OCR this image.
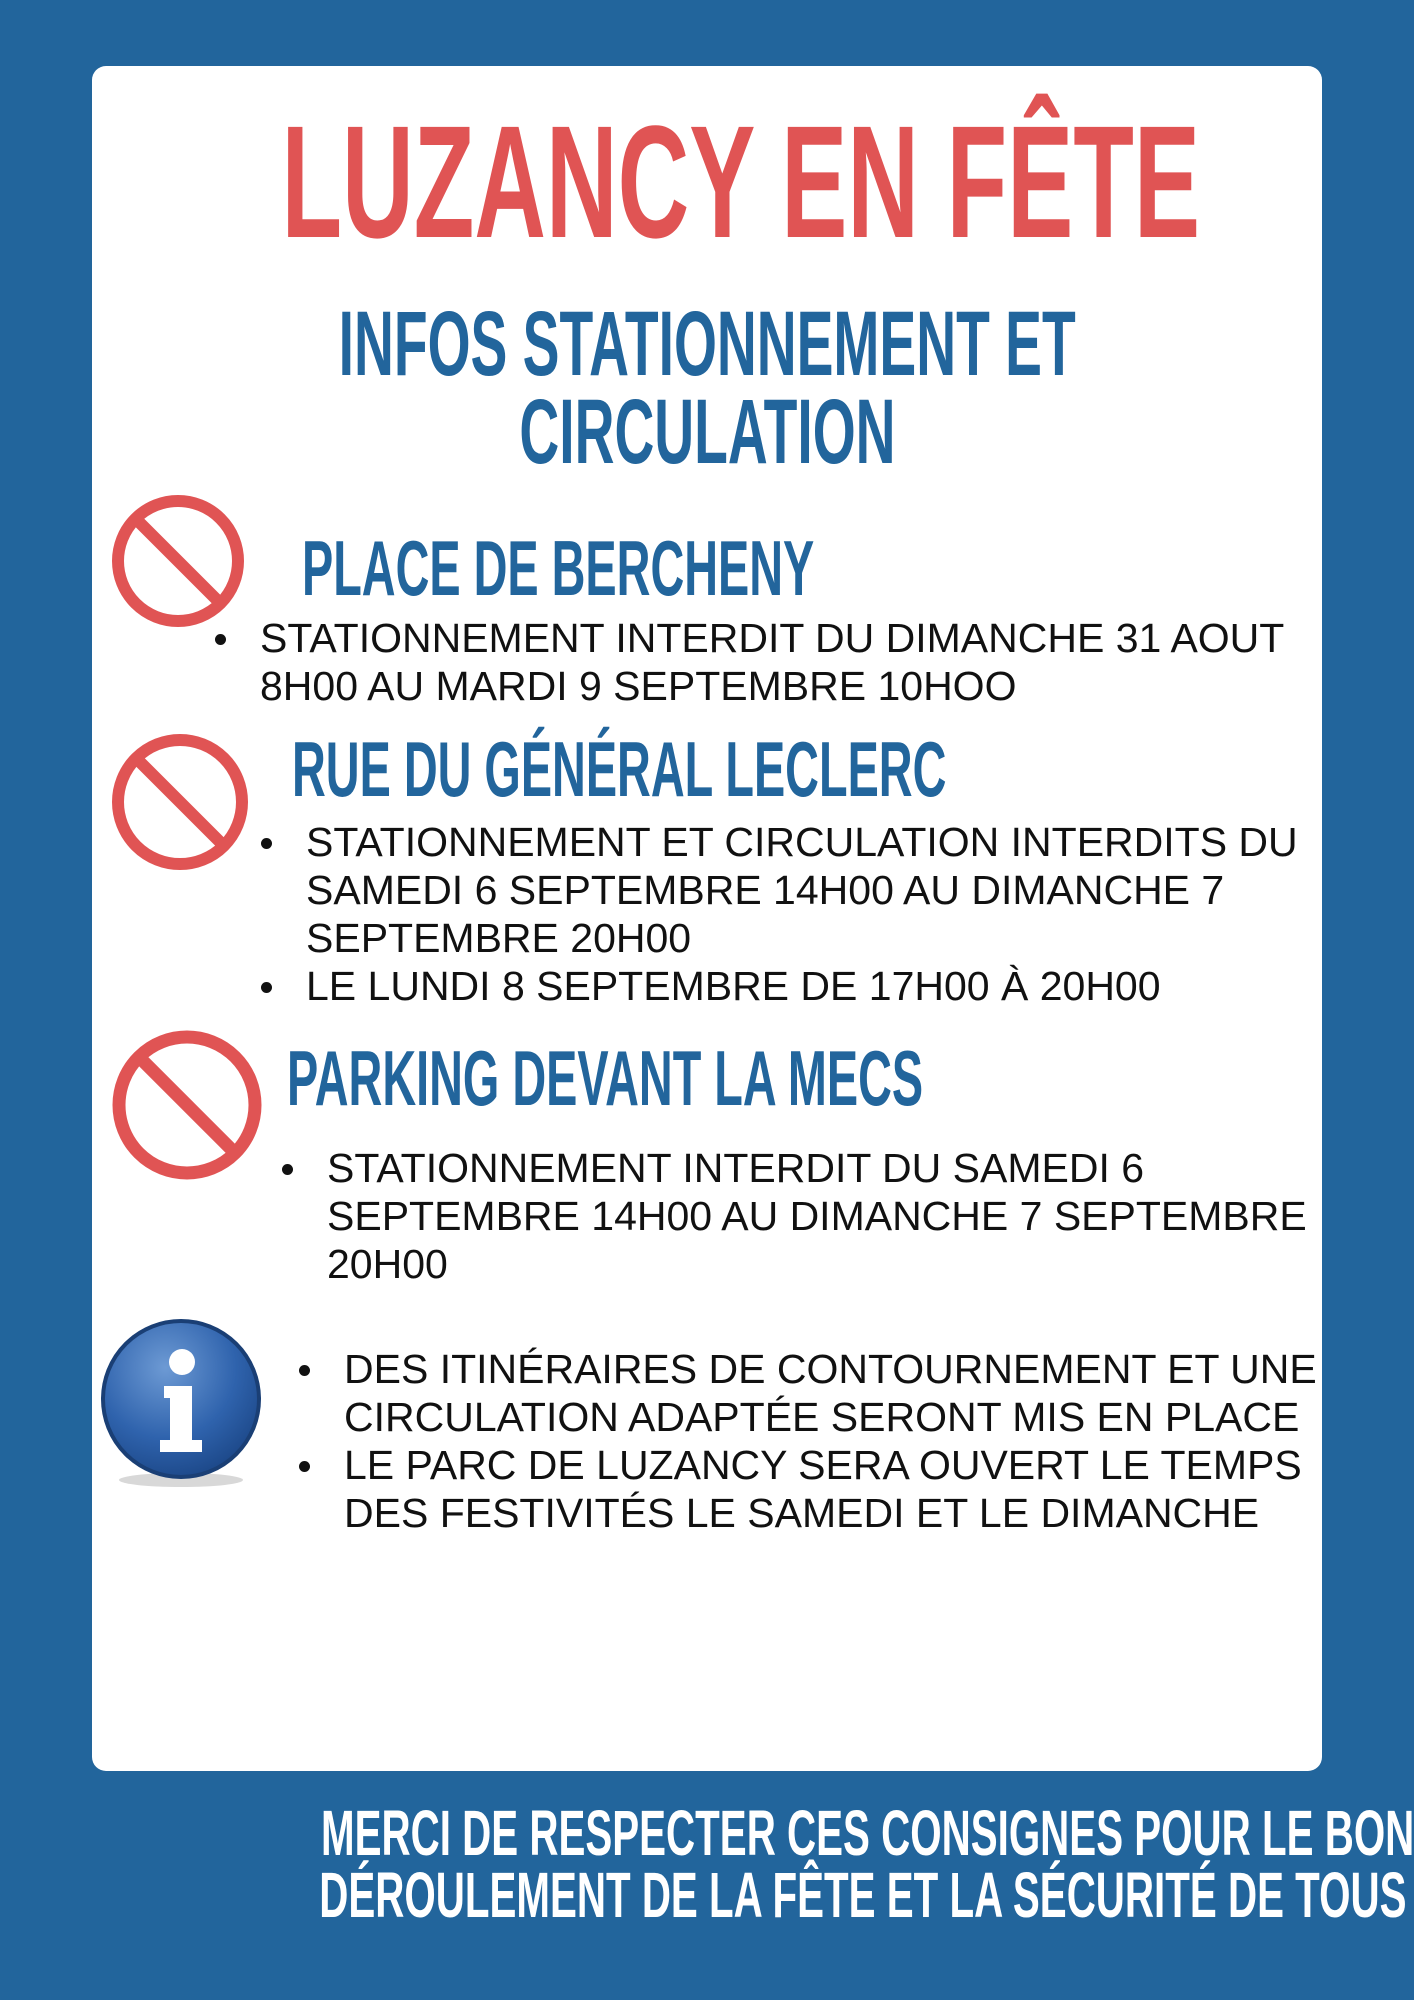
LUZANCY EN FÊTE
INFOS STATIONNEMENT ET
CIRCULATION
PLACE DE BERCHENY
STATIONNEMENT INTERDIT DU DIMANCHE 31 AOUT 8H00 AU MARDI 9 SEPTEMBRE 10HOO
RUE DU GÉNÉRAL LECLERC
STATIONNEMENT ET CIRCULATION INTERDITS DU SAMEDI 6 SEPTEMBRE 14H00 AU DIMANCHE 7 SEPTEMBRE 20H00
LE LUNDI 8 SEPTEMBRE DE 17H00 À 20H00
PARKING DEVANT LA MECS
STATIONNEMENT INTERDIT DU SAMEDI 6 SEPTEMBRE 14H00 AU DIMANCHE 7 SEPTEMBRE 20H00
DES ITINÉRAIRES DE CONTOURNEMENT ET UNE CIRCULATION ADAPTÉE SERONT MIS EN PLACE
LE PARC DE LUZANCY SERA OUVERT LE TEMPS DES FESTIVITÉS LE SAMEDI ET LE DIMANCHE
MERCI DE RESPECTER CES CONSIGNES POUR LE BON
DÉROULEMENT DE LA FÊTE ET LA SÉCURITÉ DE TOUS
